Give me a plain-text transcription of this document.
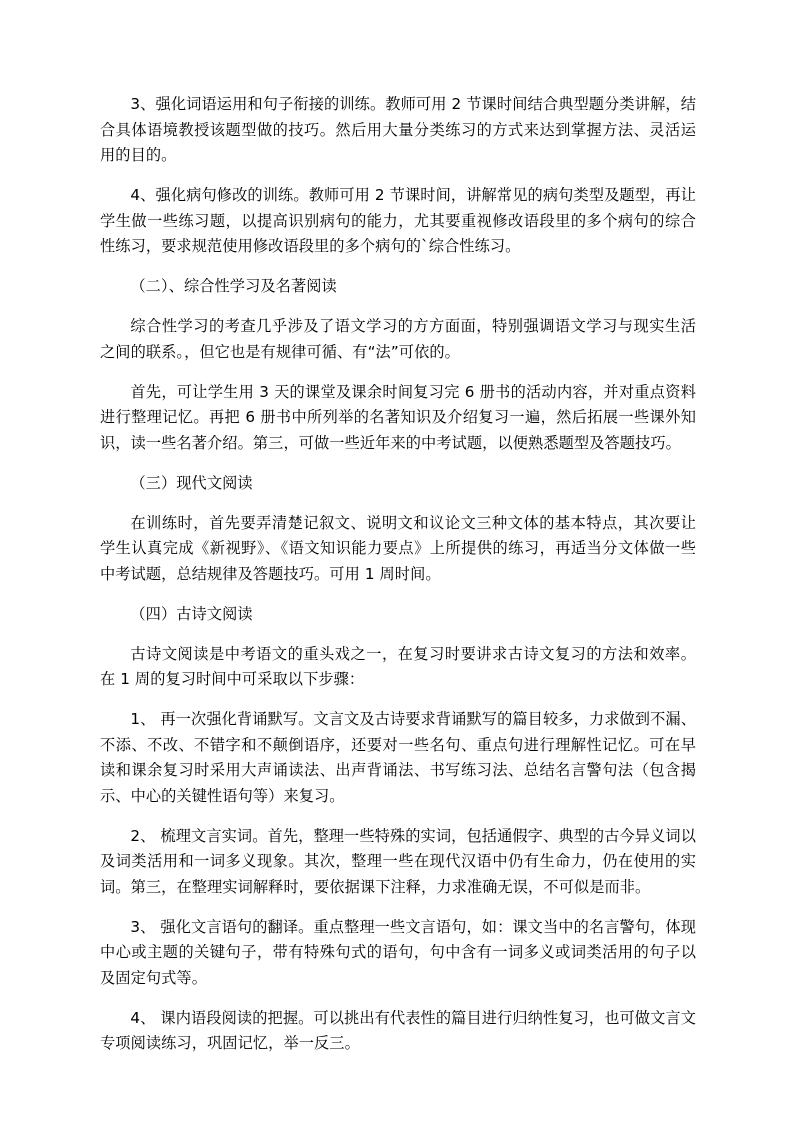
3、强化词语运用和句子衔接的训练。教师可用 2 节课时间结合典型题分类讲解，结合具体语境教授该题型做的技巧。然后用大量分类练习的方式来达到掌握方法、灵活运用的目的。

4、强化病句修改的训练。教师可用 2 节课时间，讲解常见的病句类型及题型，再让学生做一些练习题，以提高识别病句的能力，尤其要重视修改语段里的多个病句的综合性练习，要求规范使用修改语段里的多个病句的`综合性练习。

（二）、综合性学习及名著阅读

综合性学习的考查几乎涉及了语文学习的方方面面，特别强调语文学习与现实生活之间的联系。，但它也是有规律可循、有“法”可依的。

首先，可让学生用 3 天的课堂及课余时间复习完 6 册书的活动内容，并对重点资料进行整理记忆。再把 6 册书中所列举的名著知识及介绍复习一遍，然后拓展一些课外知识，读一些名著介绍。第三，可做一些近年来的中考试题，以便熟悉题型及答题技巧。

（三）现代文阅读

在训练时，首先要弄清楚记叙文、说明文和议论文三种文体的基本特点，其次要让学生认真完成《新视野》、《语文知识能力要点》上所提供的练习，再适当分文体做一些中考试题，总结规律及答题技巧。可用 1 周时间。

（四）古诗文阅读

古诗文阅读是中考语文的重头戏之一，在复习时要讲求古诗文复习的方法和效率。在 1 周的复习时间中可采取以下步骤：

1、 再一次强化背诵默写。文言文及古诗要求背诵默写的篇目较多，力求做到不漏、不添、不改、不错字和不颠倒语序，还要对一些名句、重点句进行理解性记忆。可在早读和课余复习时采用大声诵读法、出声背诵法、书写练习法、总结名言警句法（包含揭示、中心的关键性语句等）来复习。

2、 梳理文言实词。首先，整理一些特殊的实词，包括通假字、典型的古今异义词以及词类活用和一词多义现象。其次，整理一些在现代汉语中仍有生命力，仍在使用的实词。第三，在整理实词解释时，要依据课下注释，力求准确无误，不可似是而非。

3、 强化文言语句的翻译。重点整理一些文言语句，如：课文当中的名言警句，体现中心或主题的关键句子，带有特殊句式的语句，句中含有一词多义或词类活用的句子以及固定句式等。

4、 课内语段阅读的把握。可以挑出有代表性的篇目进行归纳性复习，也可做文言文专项阅读练习，巩固记忆，举一反三。
